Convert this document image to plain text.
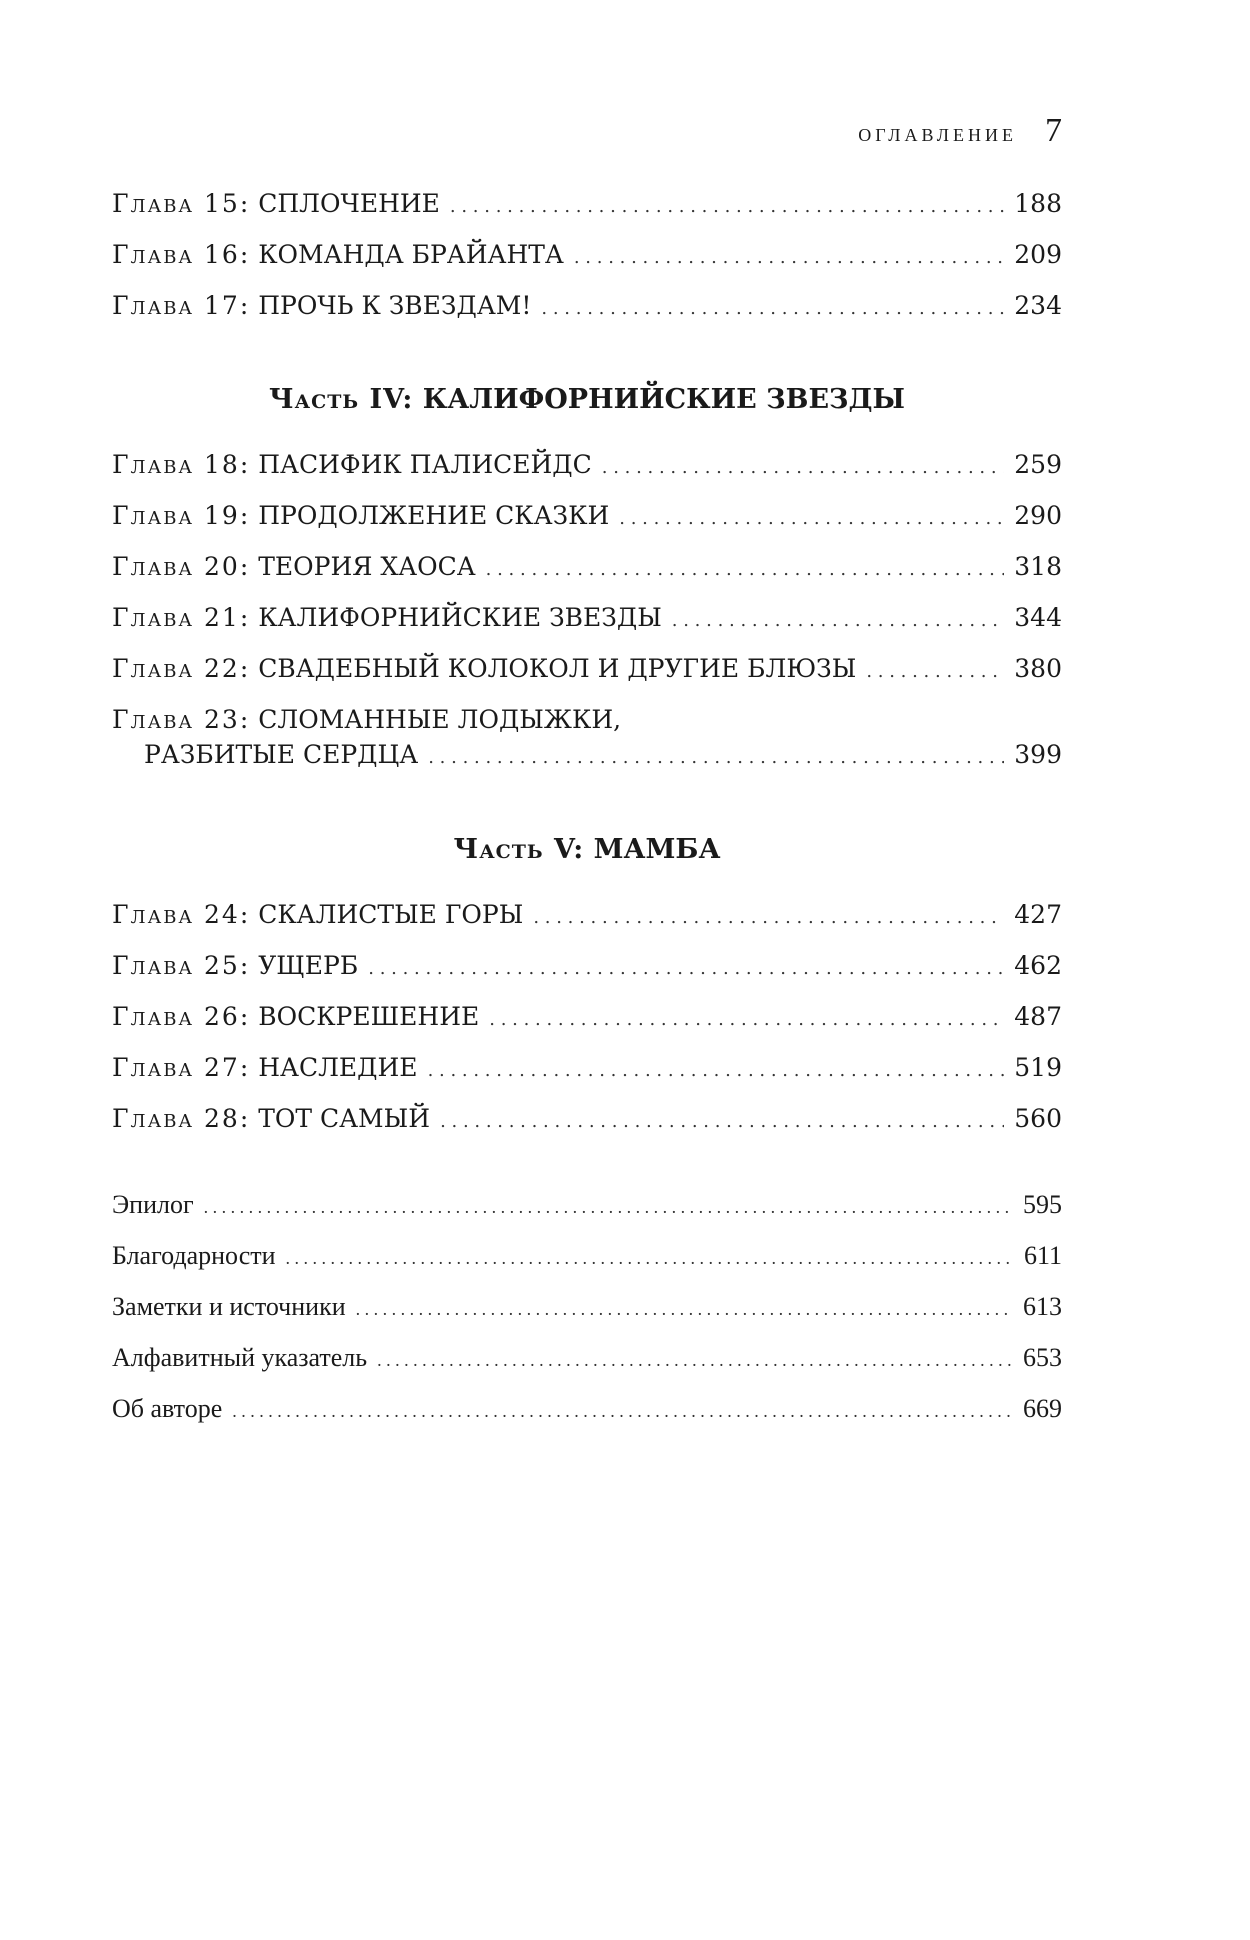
оглавление 7
Глава 15: СПЛОЧЕНИЕ . . .	188
Глава 16: КОМАНДА БРАЙАНТА . . .	209
Глава 17: ПРОЧЬ К ЗВЕЗДАМ! . . .	234
Часть IV: КАЛИФОРНИЙСКИЕ ЗВЕЗДЫ
Глава 18: ПАСИФИК ПАЛИСЕЙДС . . .	259
Глава 19: ПРОДОЛЖЕНИЕ СКАЗКИ . . .	290
Глава 20: ТЕОРИЯ ХАОСА . . .	318
Глава 21: КАЛИФОРНИЙСКИЕ ЗВЕЗДЫ . . .	344
Глава 22: СВАДЕБНЫЙ КОЛОКОЛ И ДРУГИЕ БЛЮЗЫ . . .	380
Глава 23: СЛОМАННЫЕ ЛОДЫЖКИ,
РАЗБИТЫЕ СЕРДЦА . . .	399
Часть V: МАМБА
Глава 24: СКАЛИСТЫЕ ГОРЫ . . .	427
Глава 25: УЩЕРБ . . .	462
Глава 26: ВОСКРЕШЕНИЕ . . .	487
Глава 27: НАСЛЕДИЕ . . .	519
Глава 28: ТОТ САМЫЙ . . .	560
Эпилог . . .	595
Благодарности . . .	611
Заметки и источники . . .	613
Алфавитный указатель . . .	653
Об авторе . . .	669
